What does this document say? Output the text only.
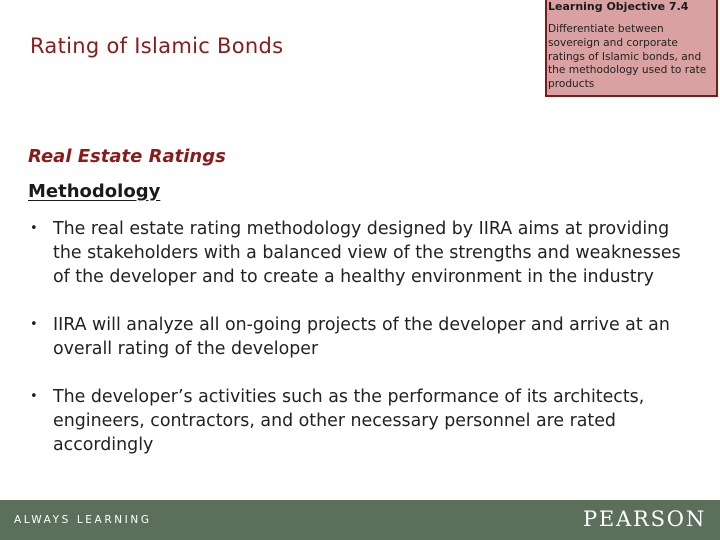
Rating of Islamic Bonds
Learning Objective 7.4
Differentiate between sovereign and corporate ratings of Islamic bonds, and the methodology used to rate products
Real Estate Ratings
Methodology
• The real estate rating methodology designed by IIRA aims at providing the stakeholders with a balanced view of the strengths and weaknesses of the developer and to create a healthy environment in the industry
• IIRA will analyze all on-going projects of the developer and arrive at an overall rating of the developer
• The developer’s activities such as the performance of its architects, engineers, contractors, and other necessary personnel are rated accordingly
ALWAYS LEARNING	PEARSON
